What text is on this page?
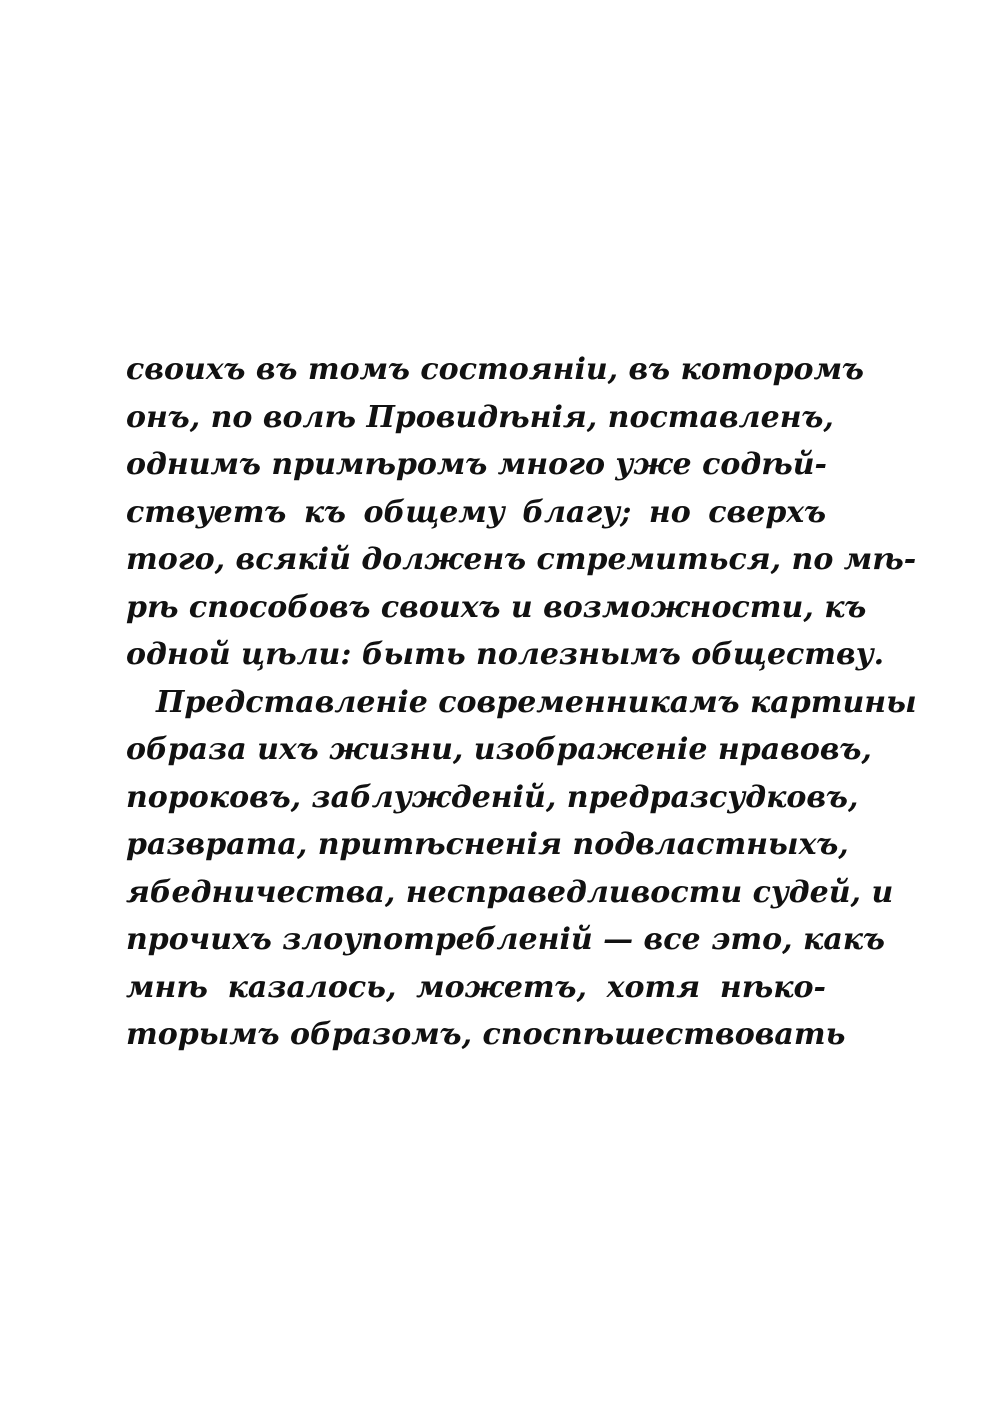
своихъ въ томъ состояніи, въ которомъ
онъ, по волѣ Провидѣнія, поставленъ,
однимъ примѣромъ много уже содѣй-
ствуетъ къ общему благу; но сверхъ
того, всякій долженъ стремиться, по мѣ-
рѣ способовъ своихъ и возможности, къ
одной цѣли: быть полезнымъ обществу.
Представленіе современникамъ картины
образа ихъ жизни, изображеніе нравовъ,
пороковъ, заблужденій, предразсудковъ,
разврата, притѣсненія подвластныхъ,
ябедничества, несправедливости судей, и
прочихъ злоупотребленій — все это, какъ
мнѣ казалось, можетъ, хотя нѣко-
торымъ образомъ, споспѣшествовать
